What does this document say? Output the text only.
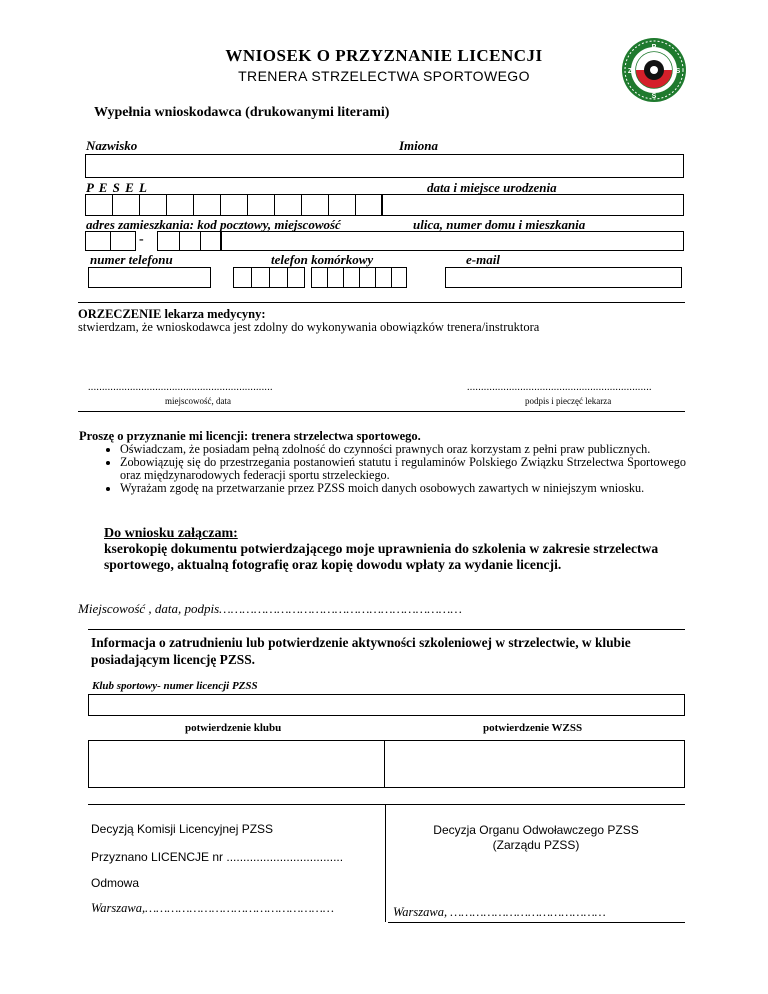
WNIOSEK O PRZYZNANIE LICENCJI
TRENERA STRZELECTWA SPORTOWEGO
P
Z	S
S
Wypełnia wnioskodawca (drukowanymi literami)
Nazwisko	Imiona
P E S E L	data i miejsce urodzenia
adres zamieszkania: kod pocztowy, miejscowość	ulica, numer domu i mieszkania
-
numer telefonu	telefon komórkowy	e-mail
ORZECZENIE lekarza medycyny:
stwierdzam, że wnioskodawca jest zdolny do wykonywania obowiązków trenera/instruktora
..................................................................
miejscowość, data
..................................................................
podpis i pieczęć lekarza
Proszę o przyznanie mi licencji: trenera strzelectwa sportowego.
• Oświadczam, że posiadam pełną zdolność do czynności prawnych oraz korzystam z pełni praw publicznych.
• Zobowiązuję się do przestrzegania postanowień statutu i regulaminów Polskiego Związku Strzelectwa Sportowego oraz międzynarodowych federacji sportu strzeleckiego.
• Wyrażam zgodę na przetwarzanie przez PZSS moich danych osobowych zawartych w niniejszym wniosku.
Do wniosku załączam:
kserokopię dokumentu potwierdzającego moje uprawnienia do szkolenia w zakresie strzelectwa sportowego, aktualną fotografię oraz kopię dowodu wpłaty za wydanie licencji.
Miejscowość , data, podpis………………………………………………………
Informacja o zatrudnieniu lub potwierdzenie aktywności szkoleniowej w strzelectwie, w klubie posiadającym licencję PZSS.
Klub sportowy- numer licencji PZSS
potwierdzenie klubu	potwierdzenie WZSS
Decyzją Komisji Licencyjnej PZSS
Przyznano LICENCJE nr ...................................
Odmowa
Warszawa,……………………………………………
Decyzja Organu Odwoławczego PZSS
(Zarządu PZSS)
Warszawa, ……………………………………
